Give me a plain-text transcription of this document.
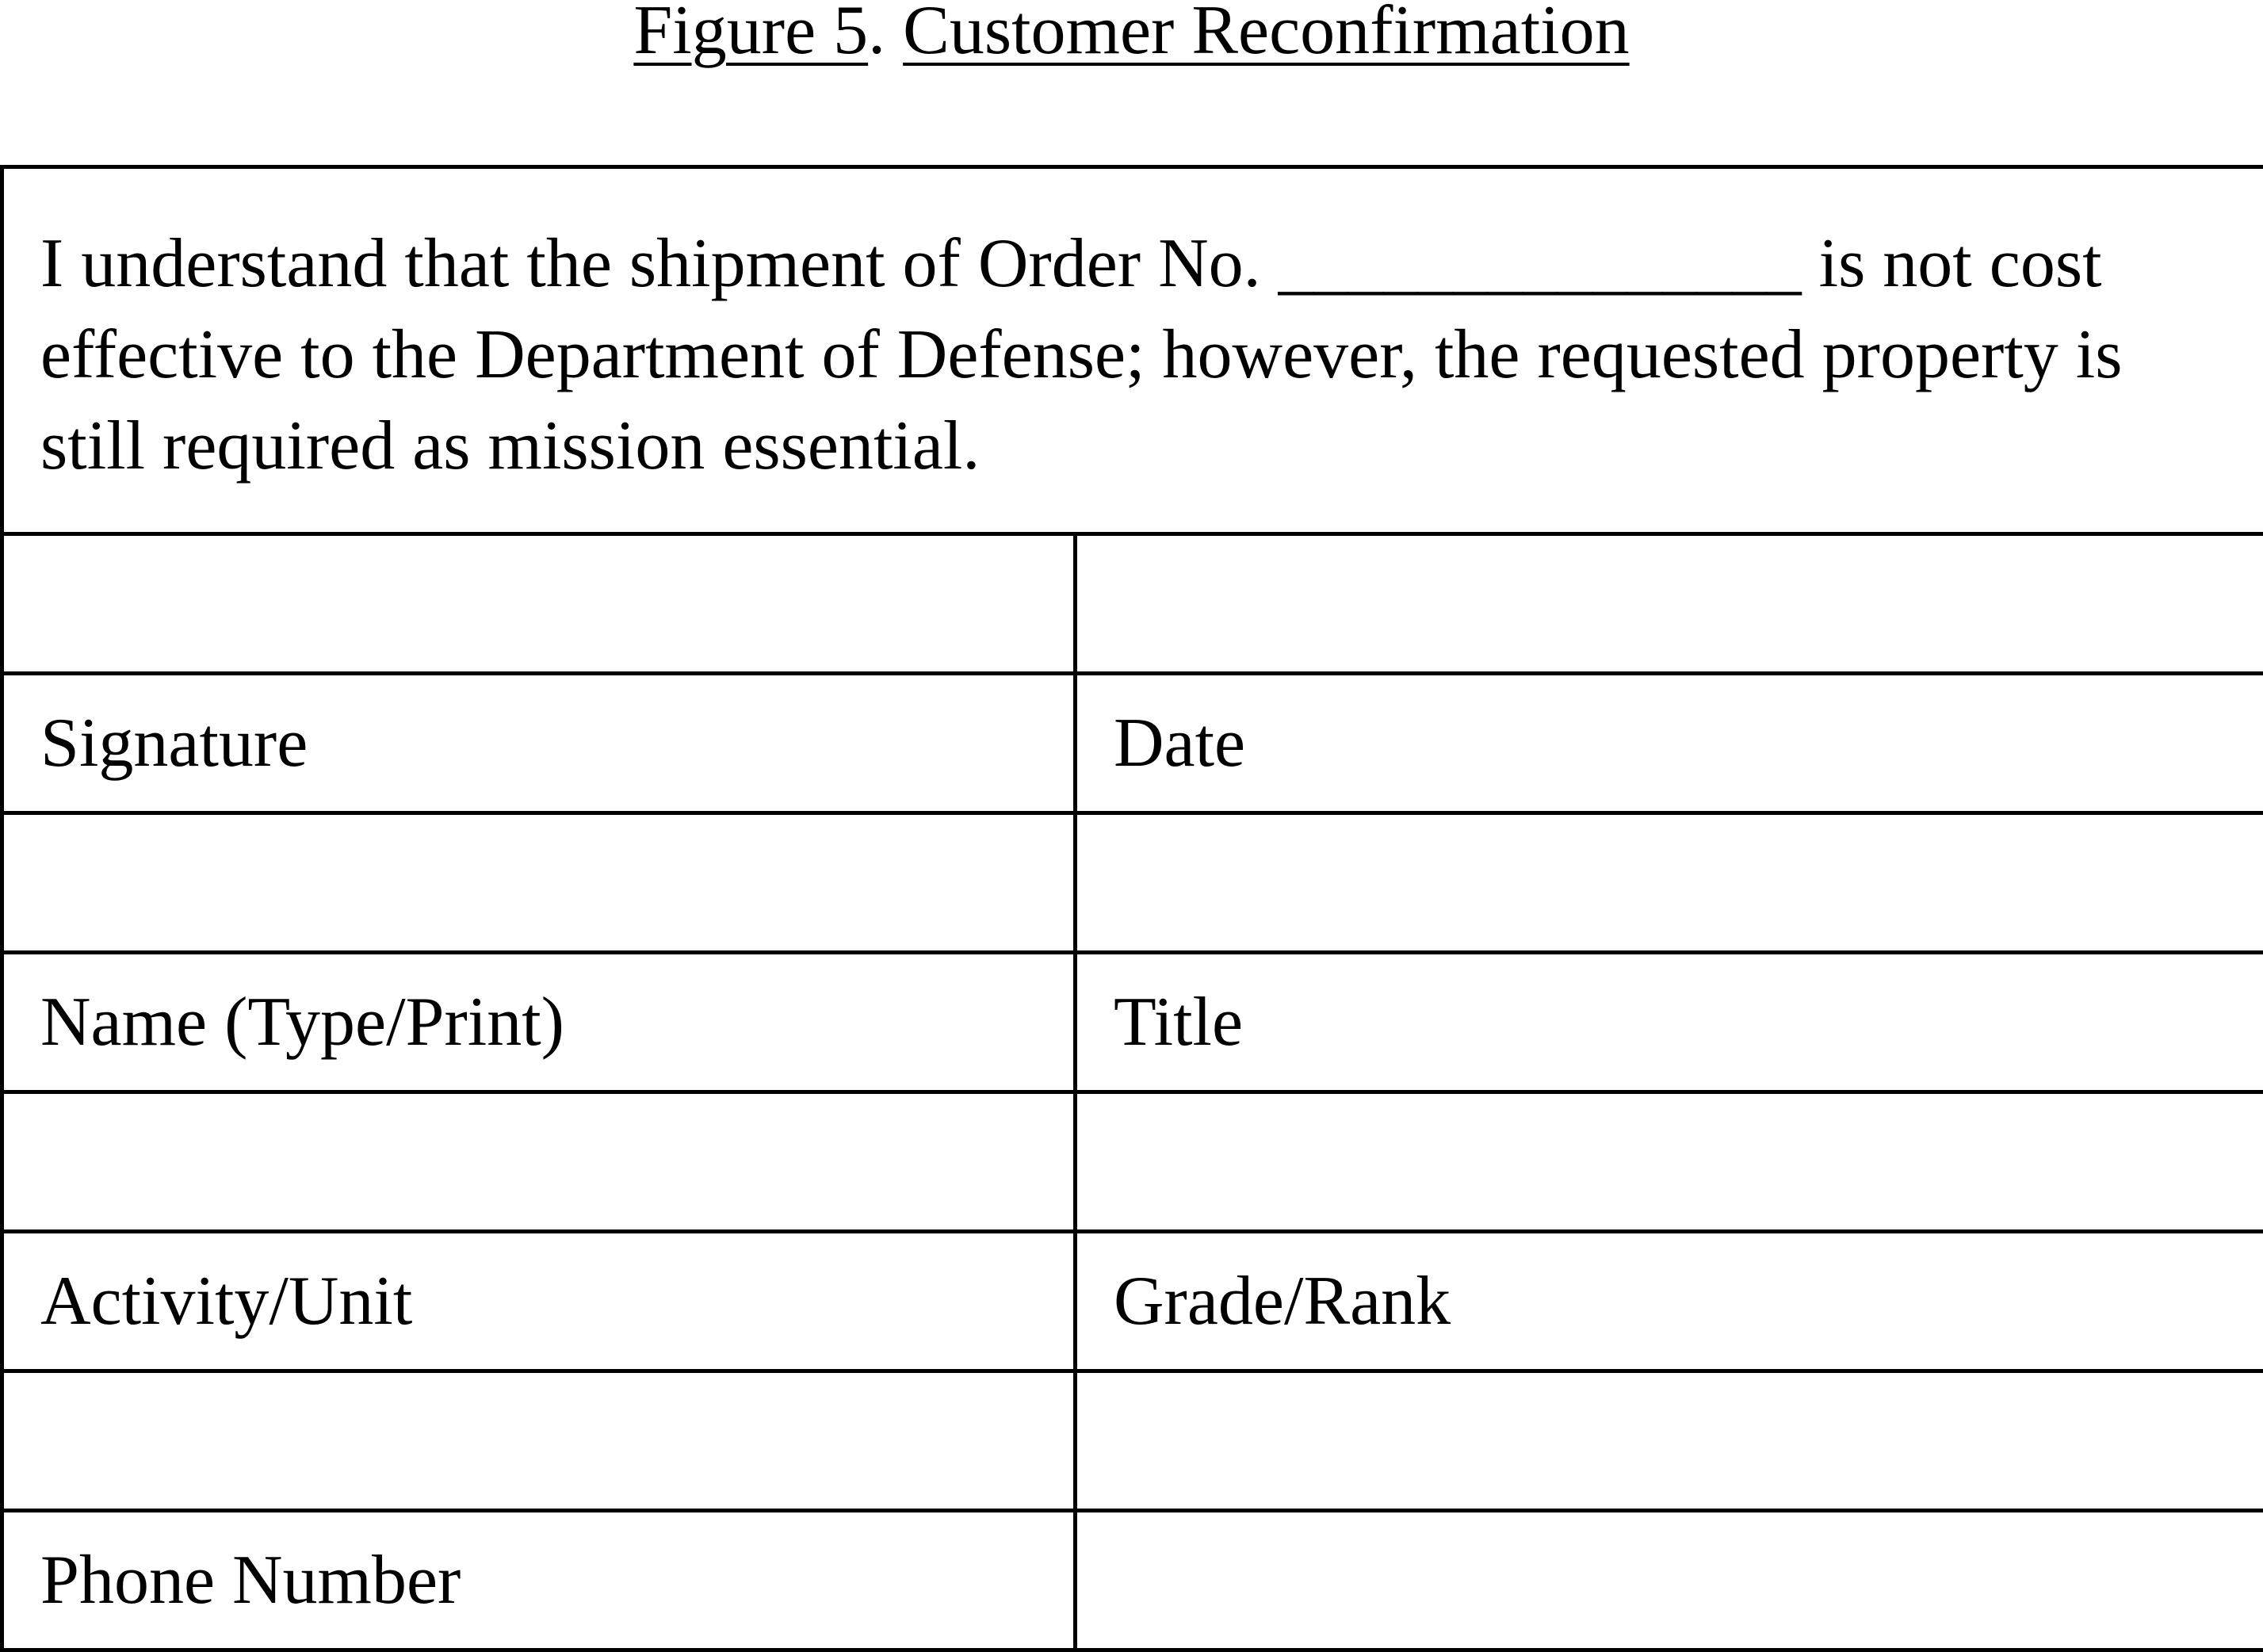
Figure 5. Customer Reconfirmation
I understand that the shipment of Order No. _______________ is not cost effective to the Department of Defense; however, the requested property is still required as mission essential.	

Signature	Date

Name (Type/Print)	Title

Activity/Unit	Grade/Rank

Phone Number	
